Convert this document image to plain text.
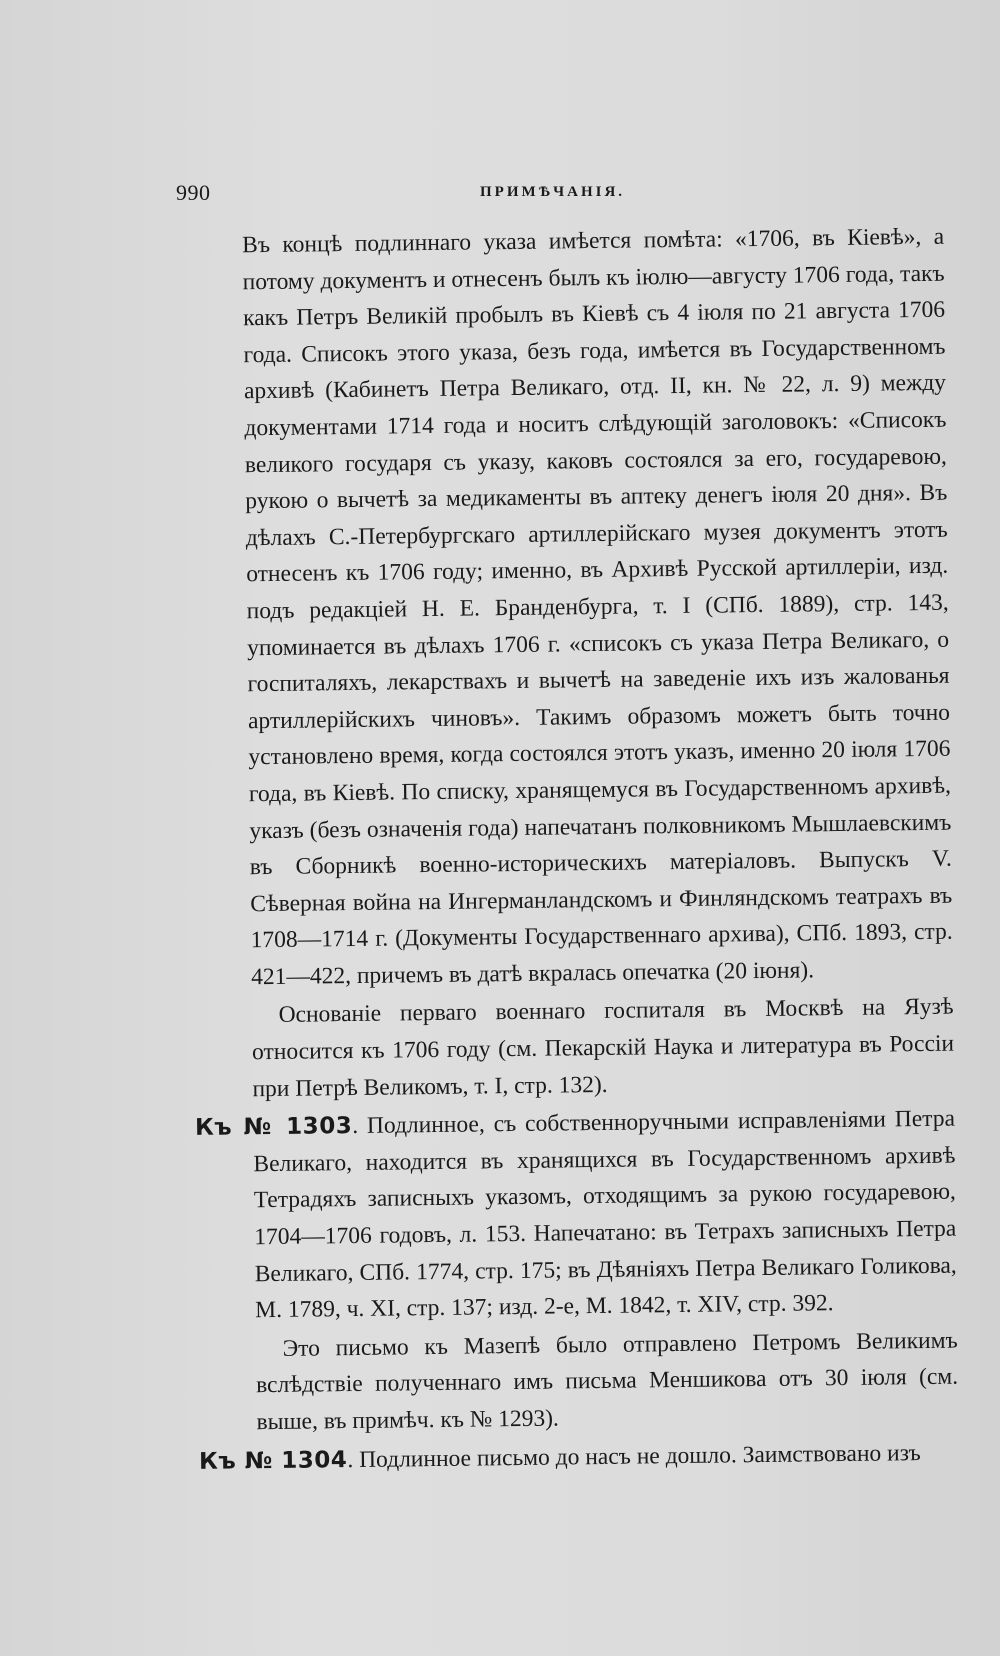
990	ПРИМѢЧАНІЯ.

Въ концѣ подлиннаго указа имѣется помѣта: «1706, въ Кіевѣ», а потому документъ и отнесенъ былъ къ іюлю—августу 1706 года, такъ какъ Петръ Великій пробылъ въ Кіевѣ съ 4 іюля по 21 августа 1706 года. Списокъ этого указа, безъ года, имѣется въ Государственномъ архивѣ (Кабинетъ Петра Великаго, отд. II, кн. № 22, л. 9) между документами 1714 года и носитъ слѣдующій заголовокъ: «Списокъ великого государя съ указу, каковъ состоялся за его, государевою, рукою о вычетѣ за медикаменты въ аптеку денегъ іюля 20 дня». Въ дѣлахъ С.-Петербургскаго артиллерійскаго музея документъ этотъ отнесенъ къ 1706 году; именно, въ Архивѣ Русской артиллеріи, изд. подъ редакціей Н. Е. Бранденбурга, т. I (СПб. 1889), стр. 143, упоминается въ дѣлахъ 1706 г. «списокъ съ указа Петра Великаго, о госпиталяхъ, лекарствахъ и вычетѣ на заведеніе ихъ изъ жалованья артиллерійскихъ чиновъ». Такимъ образомъ можетъ быть точно установлено время, когда состоялся этотъ указъ, именно 20 іюля 1706 года, въ Кіевѣ. По списку, хранящемуся въ Государственномъ архивѣ, указъ (безъ означенія года) напечатанъ полковникомъ Мышлаевскимъ въ Сборникѣ военно-историческихъ матеріаловъ. Выпускъ V. Сѣверная война на Ингерманландскомъ и Финляндскомъ театрахъ въ 1708—1714 г. (Документы Государственнаго архива), СПб. 1893, стр. 421—422, причемъ въ датѣ вкралась опечатка (20 іюня).

Основаніе перваго военнаго госпиталя въ Москвѣ на Яузѣ относится къ 1706 году (см. Пекарскій Наука и литература въ Россіи при Петрѣ Великомъ, т. I, стр. 132).

Къ № 1303. Подлинное, съ собственноручными исправленіями Петра Великаго, находится въ хранящихся въ Государственномъ архивѣ Тетрадяхъ записныхъ указомъ, отходящимъ за рукою государевою, 1704—1706 годовъ, л. 153. Напечатано: въ Тетрахъ записныхъ Петра Великаго, СПб. 1774, стр. 175; въ Дѣяніяхъ Петра Великаго Голикова, М. 1789, ч. XI, стр. 137; изд. 2-е, М. 1842, т. XIV, стр. 392.

Это письмо къ Мазепѣ было отправлено Петромъ Великимъ вслѣдствіе полученнаго имъ письма Меншикова отъ 30 іюля (см. выше, въ примѣч. къ № 1293).

Къ № 1304. Подлинное письмо до насъ не дошло. Заимствовано изъ
